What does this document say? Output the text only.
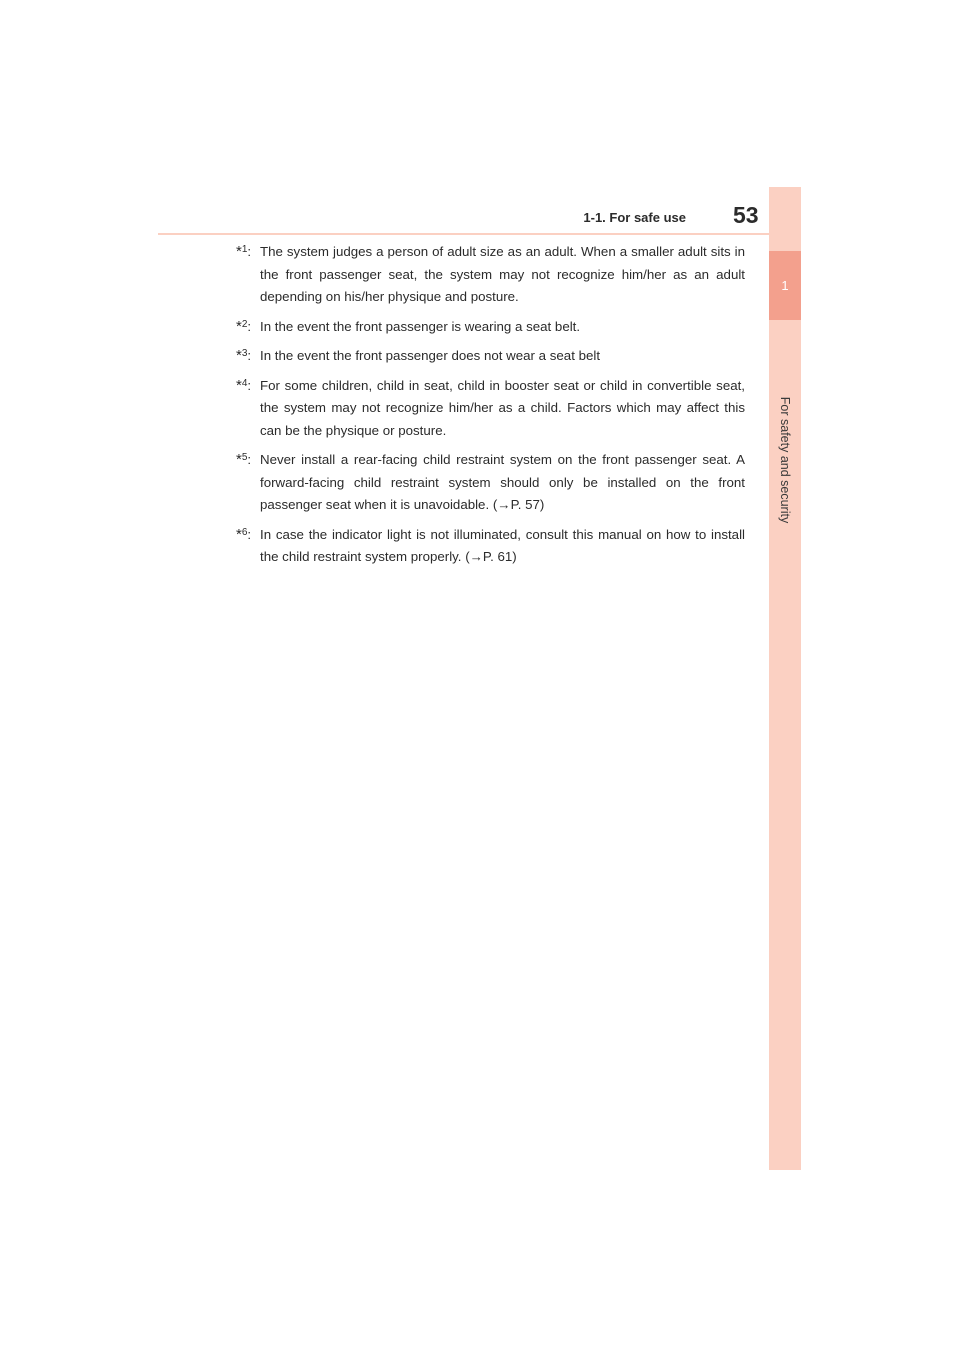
1
For safety and security
1-1. For safe use 53
*$^1$: The system judges a person of adult size as an adult. When a smaller adult sits in the front passenger seat, the system may not recognize him/her as an adult depending on his/her physique and posture.
*$^2$: In the event the front passenger is wearing a seat belt.
*$^3$: In the event the front passenger does not wear a seat belt
*$^4$: For some children, child in seat, child in booster seat or child in convertible seat, the system may not recognize him/her as a child. Factors which may affect this can be the physique or posture.
*$^5$: Never install a rear-facing child restraint system on the front passenger seat. A forward-facing child restraint system should only be installed on the front passenger seat when it is unavoidable. (→P. 57)
*$^6$: In case the indicator light is not illuminated, consult this manual on how to install the child restraint system properly. (→P. 61)
